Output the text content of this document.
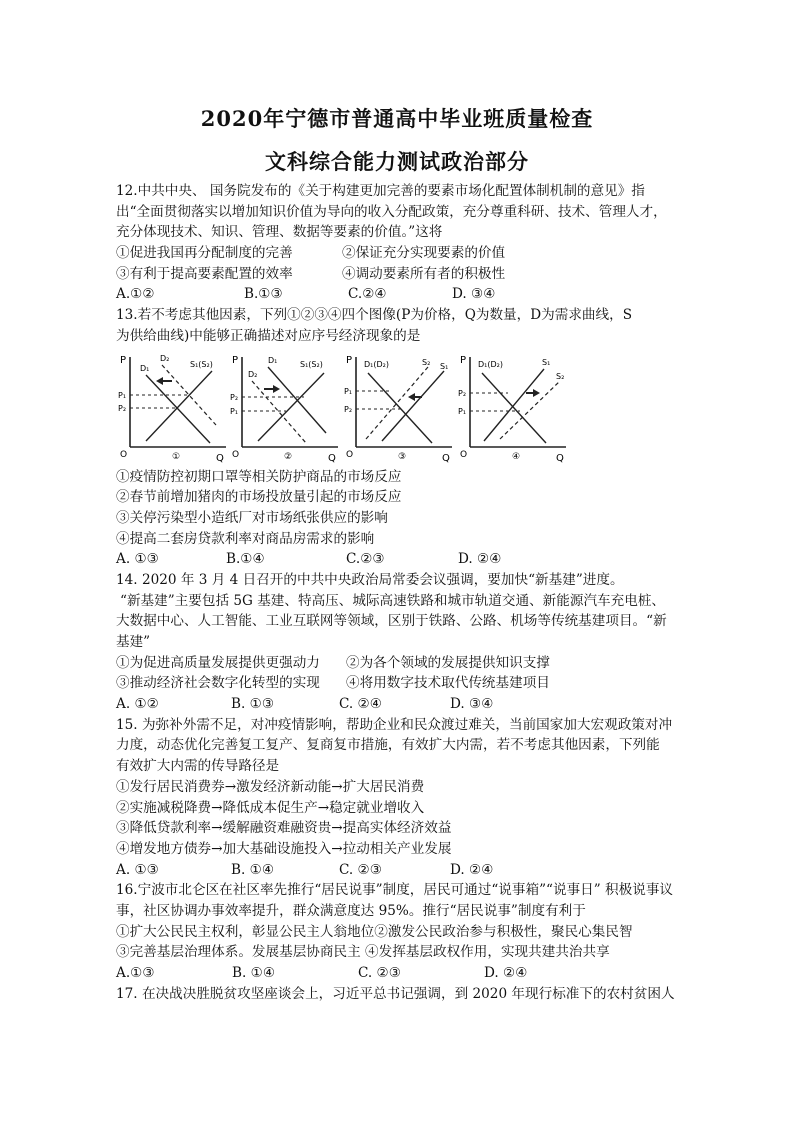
2020年宁德市普通高中毕业班质量检查
文科综合能力测试政治部分
12.中共中央、 国务院发布的《关于构建更加完善的要素市场化配置体制机制的意见》指
出“全面贯彻落实以增加知识价值为导向的收入分配政策，充分尊重科研、技术、管理人才，
充分体现技术、知识、管理、数据等要素的价值。”这将
①促进我国再分配制度的完善	②保证充分实现要素的价值
③有利于提高要素配置的效率	④调动要素所有者的积极性
A.①②	B.①③	C.②④	D. ③④
13.若不考虑其他因素，下列①②③④四个图像(P为价格，Q为数量，D为需求曲线，S
为供给曲线)中能够正确描述对应序号经济现象的是
P
Q
O
P₁
P₂
D₁
D₂
S₁(S₂)
①
P
Q
O
P₂
P₁
D₂
D₁	S₁(S₂)
②
P
Q
O
P₁
P₂
D₁(D₂)	S₂ S₁
③
P
Q
O
P₂
P₁
D₁(D₂)	S₁
S₂
④
①疫情防控初期口罩等相关防护商品的市场反应
②春节前增加猪肉的市场投放量引起的市场反应
③关停污染型小造纸厂对市场纸张供应的影响
④提高二套房贷款利率对商品房需求的影响
A. ①③	B.①④	C.②③	D. ②④
14. 2020 年 3 月 4 日召开的中共中央政治局常委会议强调，要加快“新基建”进度。
“新基建”主要包括 5G 基建、特高压、城际高速铁路和城市轨道交通、新能源汽车充电桩、
大数据中心、人工智能、工业互联网等领域，区别于铁路、公路、机场等传统基建项目。“新
基建”
①为促进高质量发展提供更强动力	②为各个领域的发展提供知识支撑
③推动经济社会数字化转型的实现	④将用数字技术取代传统基建项目
A. ①②	B. ①③	C. ②④	D. ③④
15. 为弥补外需不足，对冲疫情影响，帮助企业和民众渡过难关，当前国家加大宏观政策对冲
力度，动态优化完善复工复产、复商复市措施，有效扩大内需，若不考虑其他因素，下列能
有效扩大内需的传导路径是
①发行居民消费券→激发经济新动能→扩大居民消费
②实施减税降费→降低成本促生产→稳定就业增收入
③降低贷款利率→缓解融资难融资贵→提高实体经济效益
④增发地方债券→加大基础设施投入→拉动相关产业发展
A. ①③	B. ①④	C. ②③	D. ②④
16.宁波市北仑区在社区率先推行“居民说事”制度，居民可通过“说事箱”“说事日” 积极说事议
事，社区协调办事效率提升，群众满意度达 95%。推行“居民说事”制度有利于
①扩大公民民主权利，彰显公民主人翁地位②激发公民政治参与积极性，聚民心集民智
③完善基层治理体系。发展基层协商民主 ④发挥基层政权作用，实现共建共治共享
A.①③	B. ①④	C. ②③	D. ②④
17. 在决战决胜脱贫攻坚座谈会上，习近平总书记强调，到 2020 年现行标准下的农村贫困人
